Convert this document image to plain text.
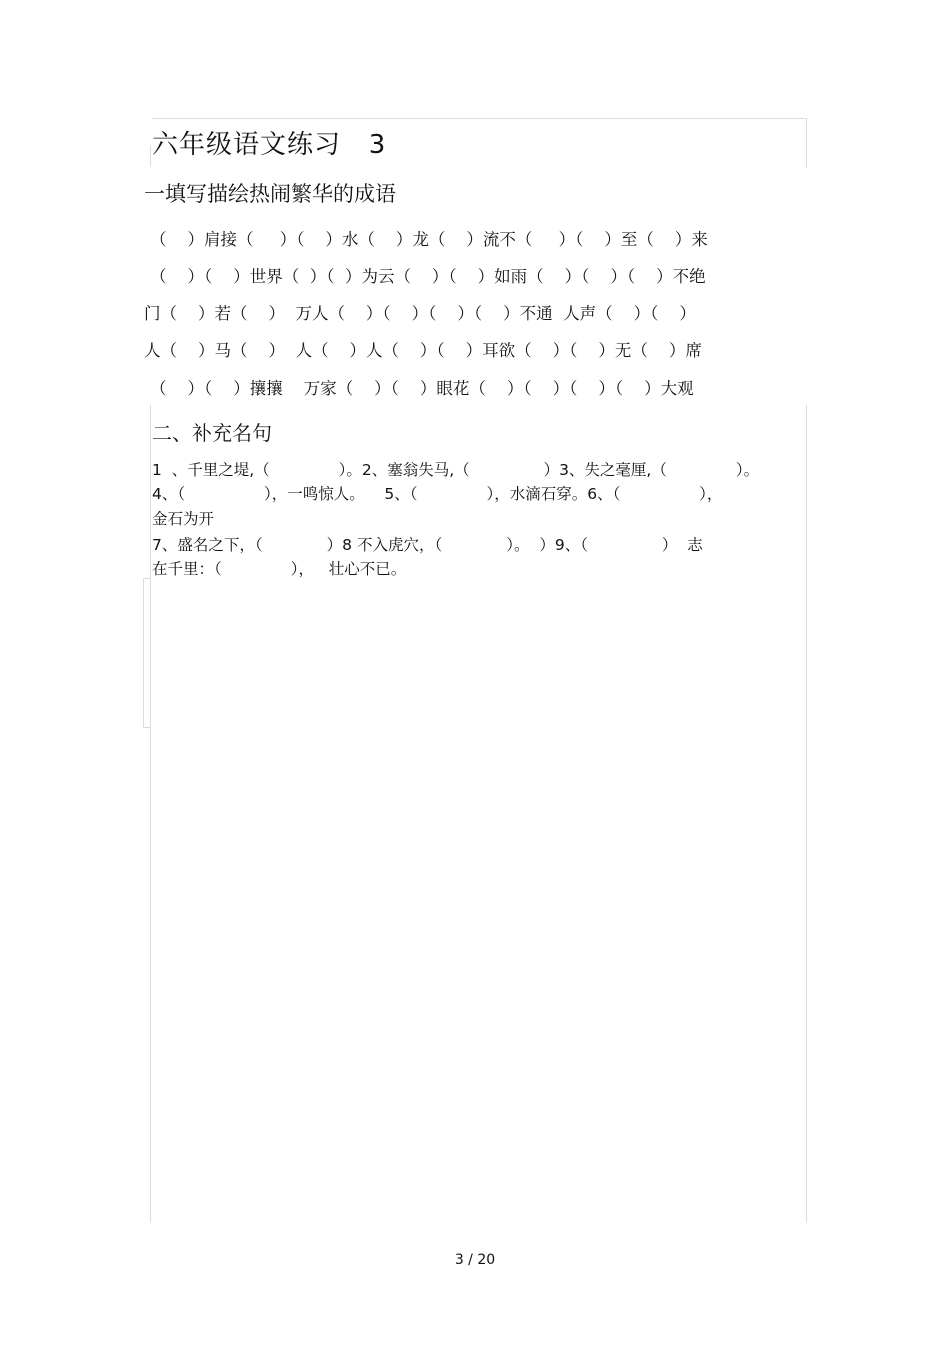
六年级语文练习   3
一填写描绘热闹繁华的成语
（    ）肩接（     ）（    ）水（    ）龙（    ）流不（     ）（    ）至（    ）来
（    ）（    ）世界（  ）（  ）为云（    ）（    ）如雨（    ）（    ）（    ）不绝
门（    ）若（    ）  万人（    ）（    ）（    ）（    ）不通  人声（    ）（    ）
人（    ）马（    ）  人（    ）人（    ）（    ）耳欲（    ）（    ）无（    ）席
（    ）（    ）攘攘    万家（    ）（    ）眼花（    ）（    ）（    ）（    ）大观
二、补充名句
1  、千里之堤,（              ）。2、塞翁失马,（               ）3、失之毫厘,（              ）。
4、（                ），一鸣惊人。    5、（              ），水滴石穿。6、（                ），
金石为开
7、盛名之下，（             ）8 不入虎穴，（             ）。  ）9、（               ）  志
在千里：（              ），   壮心不已。
3 / 20
